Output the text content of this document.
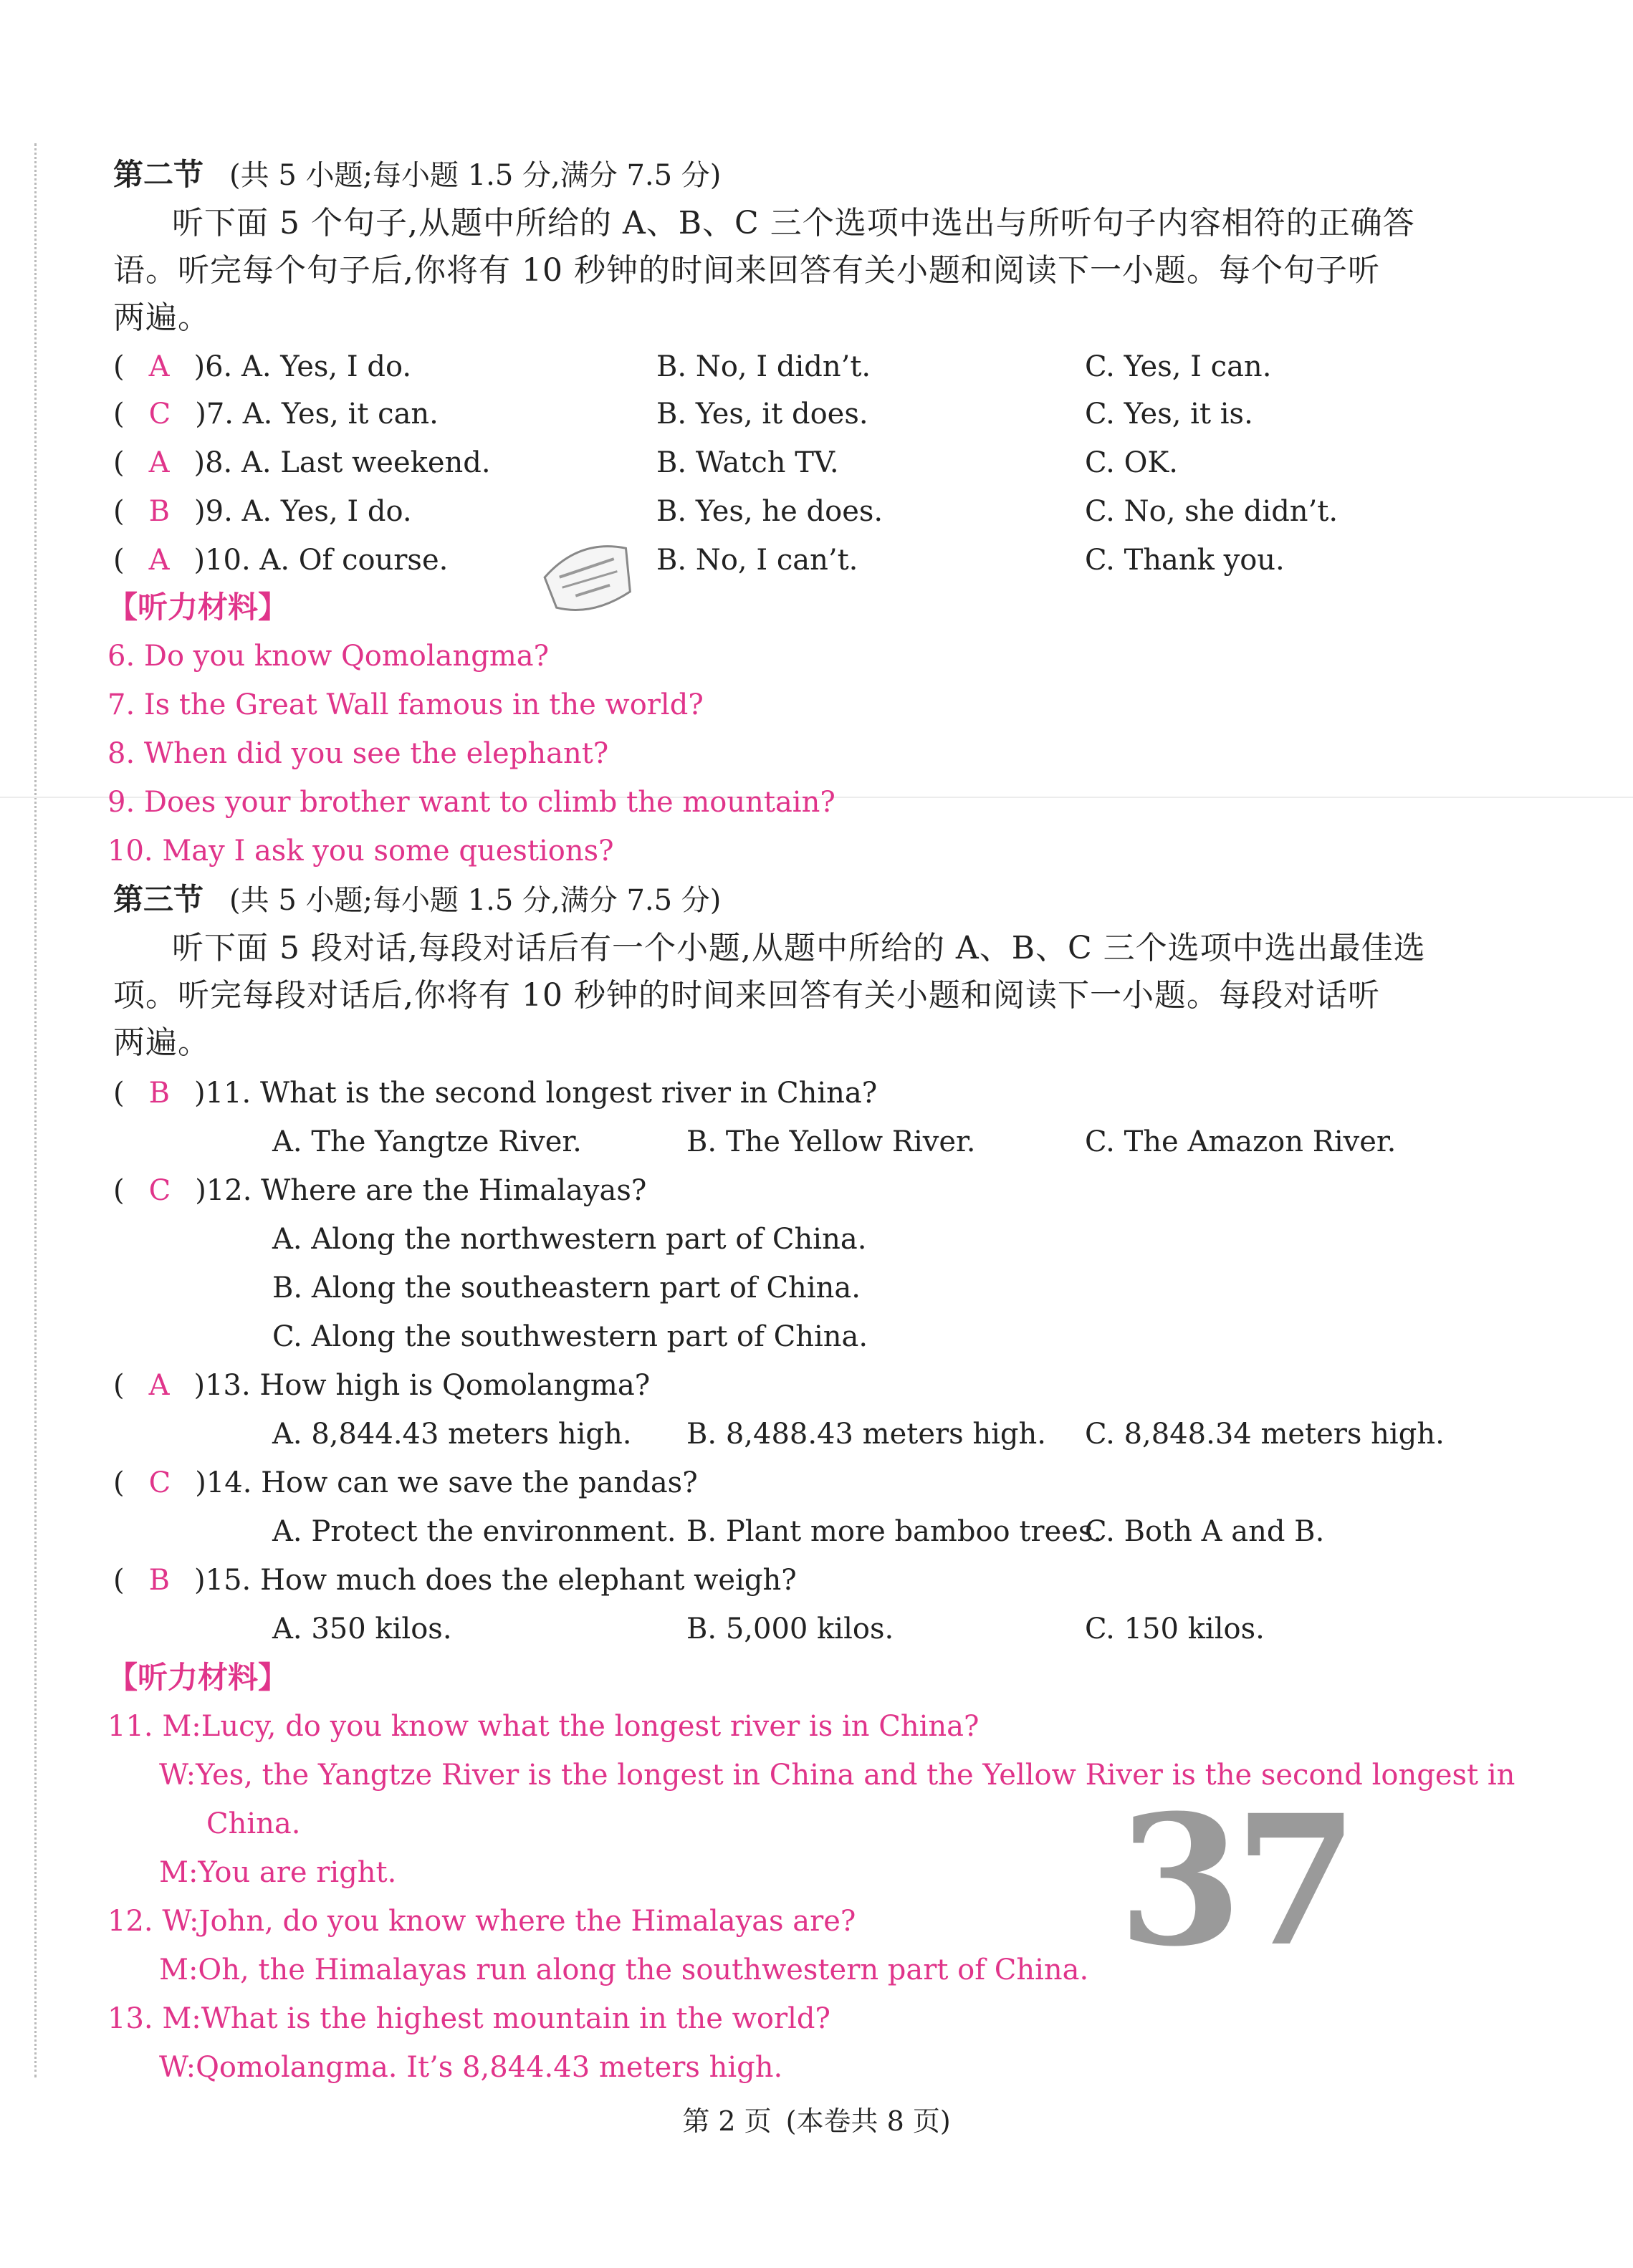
第二节 (共 5 小题;每小题 1.5 分,满分 7.5 分)
听下面 5 个句子,从题中所给的 A、B、C 三个选项中选出与所听句子内容相符的正确答
语。听完每个句子后,你将有 10 秒钟的时间来回答有关小题和阅读下一小题。每个句子听
两遍。
( A )6. A. Yes, I do.	B. No, I didn’t.	C. Yes, I can.
( C )7. A. Yes, it can.	B. Yes, it does.	C. Yes, it is.
( A )8. A. Last weekend.	B. Watch TV.	C. OK.
( B )9. A. Yes, I do.	B. Yes, he does.	C. No, she didn’t.
( A )10. A. Of course.	B. No, I can’t.	C. Thank you.
【听力材料】
6. Do you know Qomolangma?
7. Is the Great Wall famous in the world?
8. When did you see the elephant?
9. Does your brother want to climb the mountain?
10. May I ask you some questions?
第三节 (共 5 小题;每小题 1.5 分,满分 7.5 分)
听下面 5 段对话,每段对话后有一个小题,从题中所给的 A、B、C 三个选项中选出最佳选
项。听完每段对话后,你将有 10 秒钟的时间来回答有关小题和阅读下一小题。每段对话听
两遍。
( B )11. What is the second longest river in China?
A. The Yangtze River.	B. The Yellow River.	C. The Amazon River.
( C )12. Where are the Himalayas?
A. Along the northwestern part of China.
B. Along the southeastern part of China.
C. Along the southwestern part of China.
( A )13. How high is Qomolangma?
A. 8,844.43 meters high. B. 8,488.43 meters high. C. 8,848.34 meters high.
( C )14. How can we save the pandas?
A. Protect the environment. B. Plant more bamboo trees.
C. Both A and B.
( B )15. How much does the elephant weigh?
A. 350 kilos.	B. 5,000 kilos.	C. 150 kilos.
【听力材料】
11. M:Lucy, do you know what the longest river is in China?
W:Yes, the Yangtze River is the longest in China and the Yellow River is the second longest in
China.
M:You are right.
12. W:John, do you know where the Himalayas are?
M:Oh, the Himalayas run along the southwestern part of China.
13. M:What is the highest mountain in the world?
W:Qomolangma. It’s 8,844.43 meters high.
37
第 2 页 (本卷共 8 页)
